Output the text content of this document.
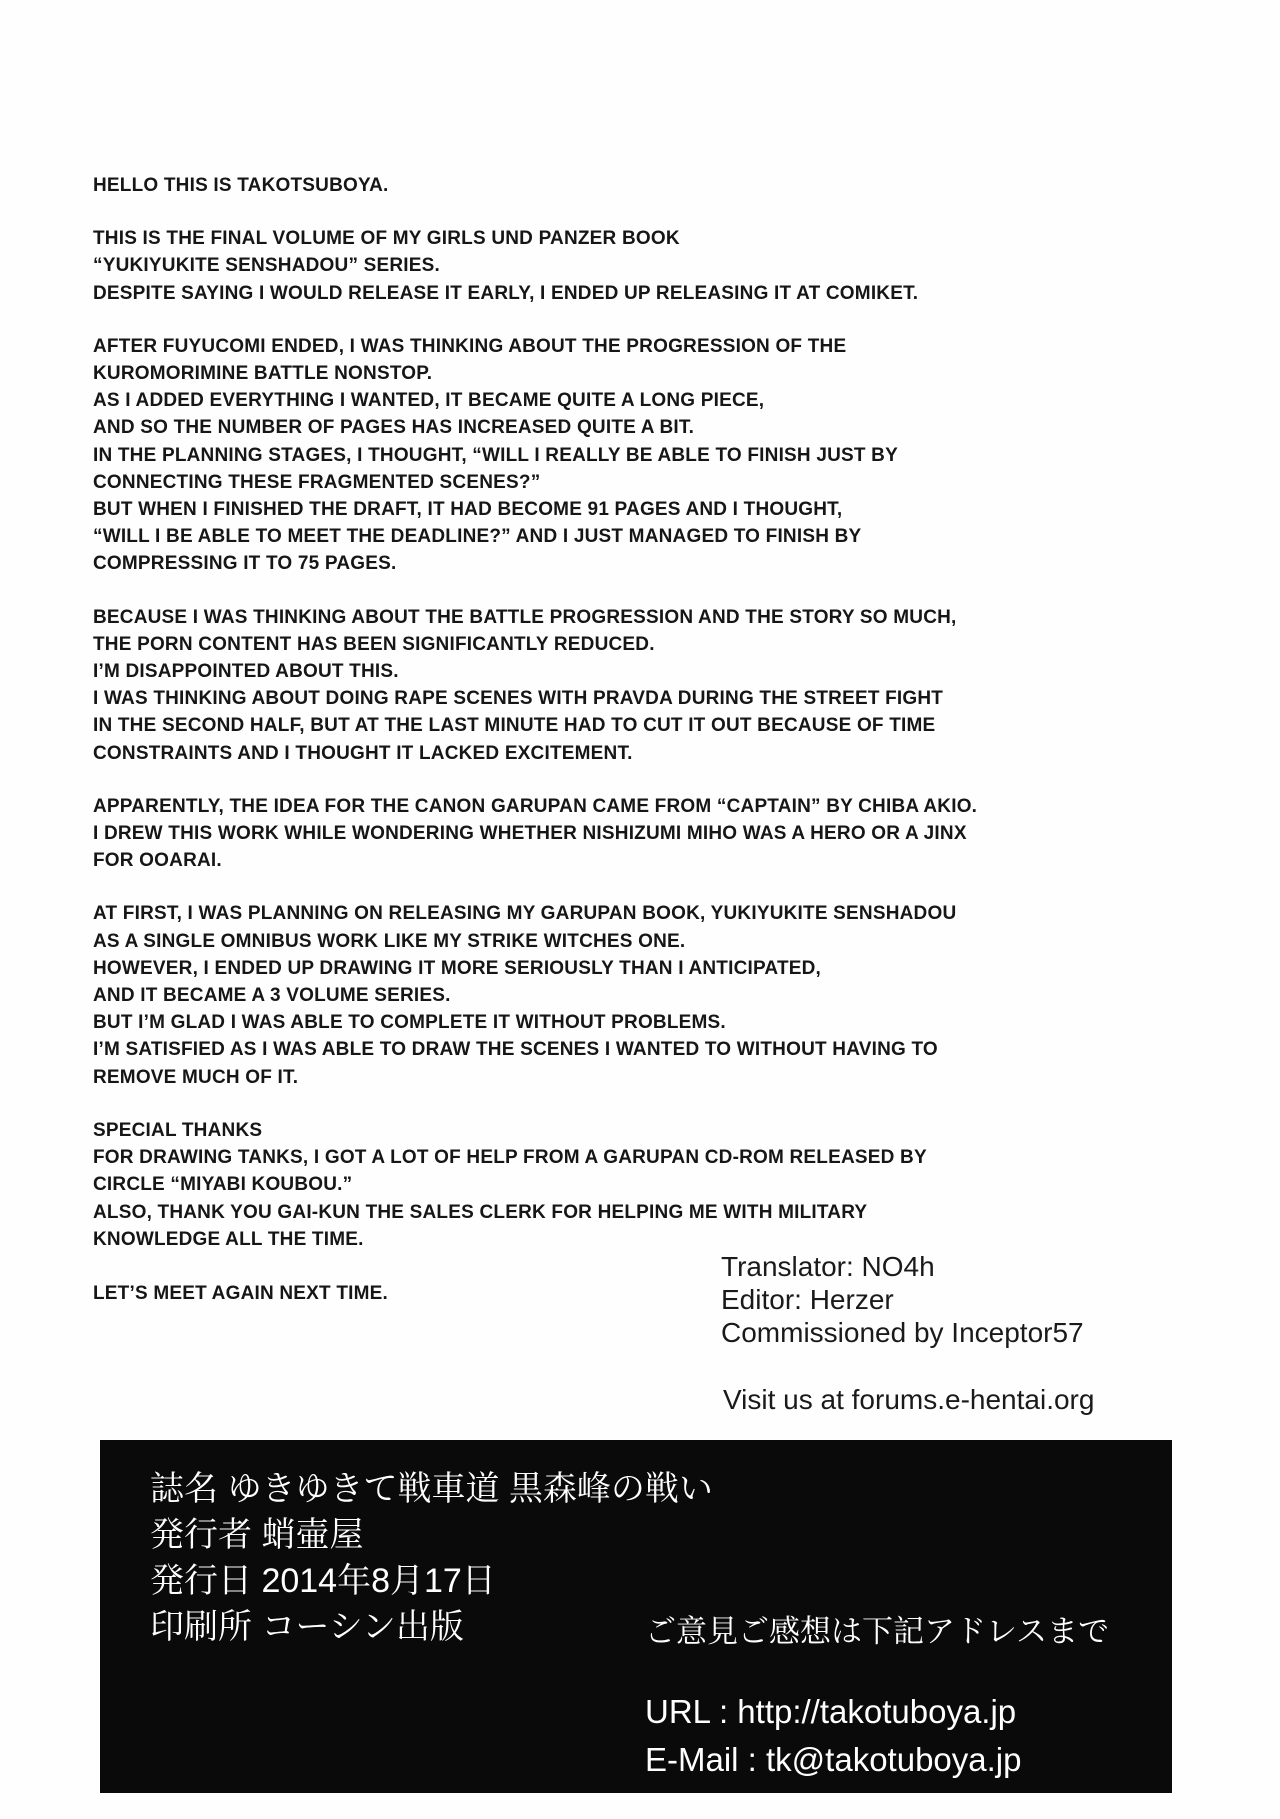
HELLO THIS IS TAKOTSUBOYA.
THIS IS THE FINAL VOLUME OF MY GIRLS UND PANZER BOOK
“YUKIYUKITE SENSHADOU” SERIES.
DESPITE SAYING I WOULD RELEASE IT EARLY, I ENDED UP RELEASING IT AT COMIKET.
AFTER FUYUCOMI ENDED, I WAS THINKING ABOUT THE PROGRESSION OF THE
KUROMORIMINE BATTLE NONSTOP.
AS I ADDED EVERYTHING I WANTED, IT BECAME QUITE A LONG PIECE,
AND SO THE NUMBER OF PAGES HAS INCREASED QUITE A BIT.
IN THE PLANNING STAGES, I THOUGHT, “WILL I REALLY BE ABLE TO FINISH JUST BY
CONNECTING THESE FRAGMENTED SCENES?”
BUT WHEN I FINISHED THE DRAFT, IT HAD BECOME 91 PAGES AND I THOUGHT,
“WILL I BE ABLE TO MEET THE DEADLINE?” AND I JUST MANAGED TO FINISH BY
COMPRESSING IT TO 75 PAGES.
BECAUSE I WAS THINKING ABOUT THE BATTLE PROGRESSION AND THE STORY SO MUCH,
THE PORN CONTENT HAS BEEN SIGNIFICANTLY REDUCED.
I’M DISAPPOINTED ABOUT THIS.
I WAS THINKING ABOUT DOING RAPE SCENES WITH PRAVDA DURING THE STREET FIGHT
IN THE SECOND HALF, BUT AT THE LAST MINUTE HAD TO CUT IT OUT BECAUSE OF TIME
CONSTRAINTS AND I THOUGHT IT LACKED EXCITEMENT.
APPARENTLY, THE IDEA FOR THE CANON GARUPAN CAME FROM “CAPTAIN” BY CHIBA AKIO.
I DREW THIS WORK WHILE WONDERING WHETHER NISHIZUMI MIHO WAS A HERO OR A JINX
FOR OOARAI.
AT FIRST, I WAS PLANNING ON RELEASING MY GARUPAN BOOK, YUKIYUKITE SENSHADOU
AS A SINGLE OMNIBUS WORK LIKE MY STRIKE WITCHES ONE.
HOWEVER, I ENDED UP DRAWING IT MORE SERIOUSLY THAN I ANTICIPATED,
AND IT BECAME A 3 VOLUME SERIES.
BUT I’M GLAD I WAS ABLE TO COMPLETE IT WITHOUT PROBLEMS.
I’M SATISFIED AS I WAS ABLE TO DRAW THE SCENES I WANTED TO WITHOUT HAVING TO
REMOVE MUCH OF IT.
SPECIAL THANKS
FOR DRAWING TANKS, I GOT A LOT OF HELP FROM A GARUPAN CD-ROM RELEASED BY
CIRCLE “MIYABI KOUBOU.”
ALSO, THANK YOU GAI-KUN THE SALES CLERK FOR HELPING ME WITH MILITARY
KNOWLEDGE ALL THE TIME.
LET’S MEET AGAIN NEXT TIME.
Translator: NO4h
Editor: Herzer
Commissioned by Inceptor57
Visit us at forums.e-hentai.org
誌名 ゆきゆきて戦車道 黒森峰の戦い
発行者 蛸壷屋
発行日 2014年8月17日
印刷所 コーシン出版	ご意見ご感想は下記アドレスまで
URL : http://takotuboya.jp
E-Mail : tk@takotuboya.jp
